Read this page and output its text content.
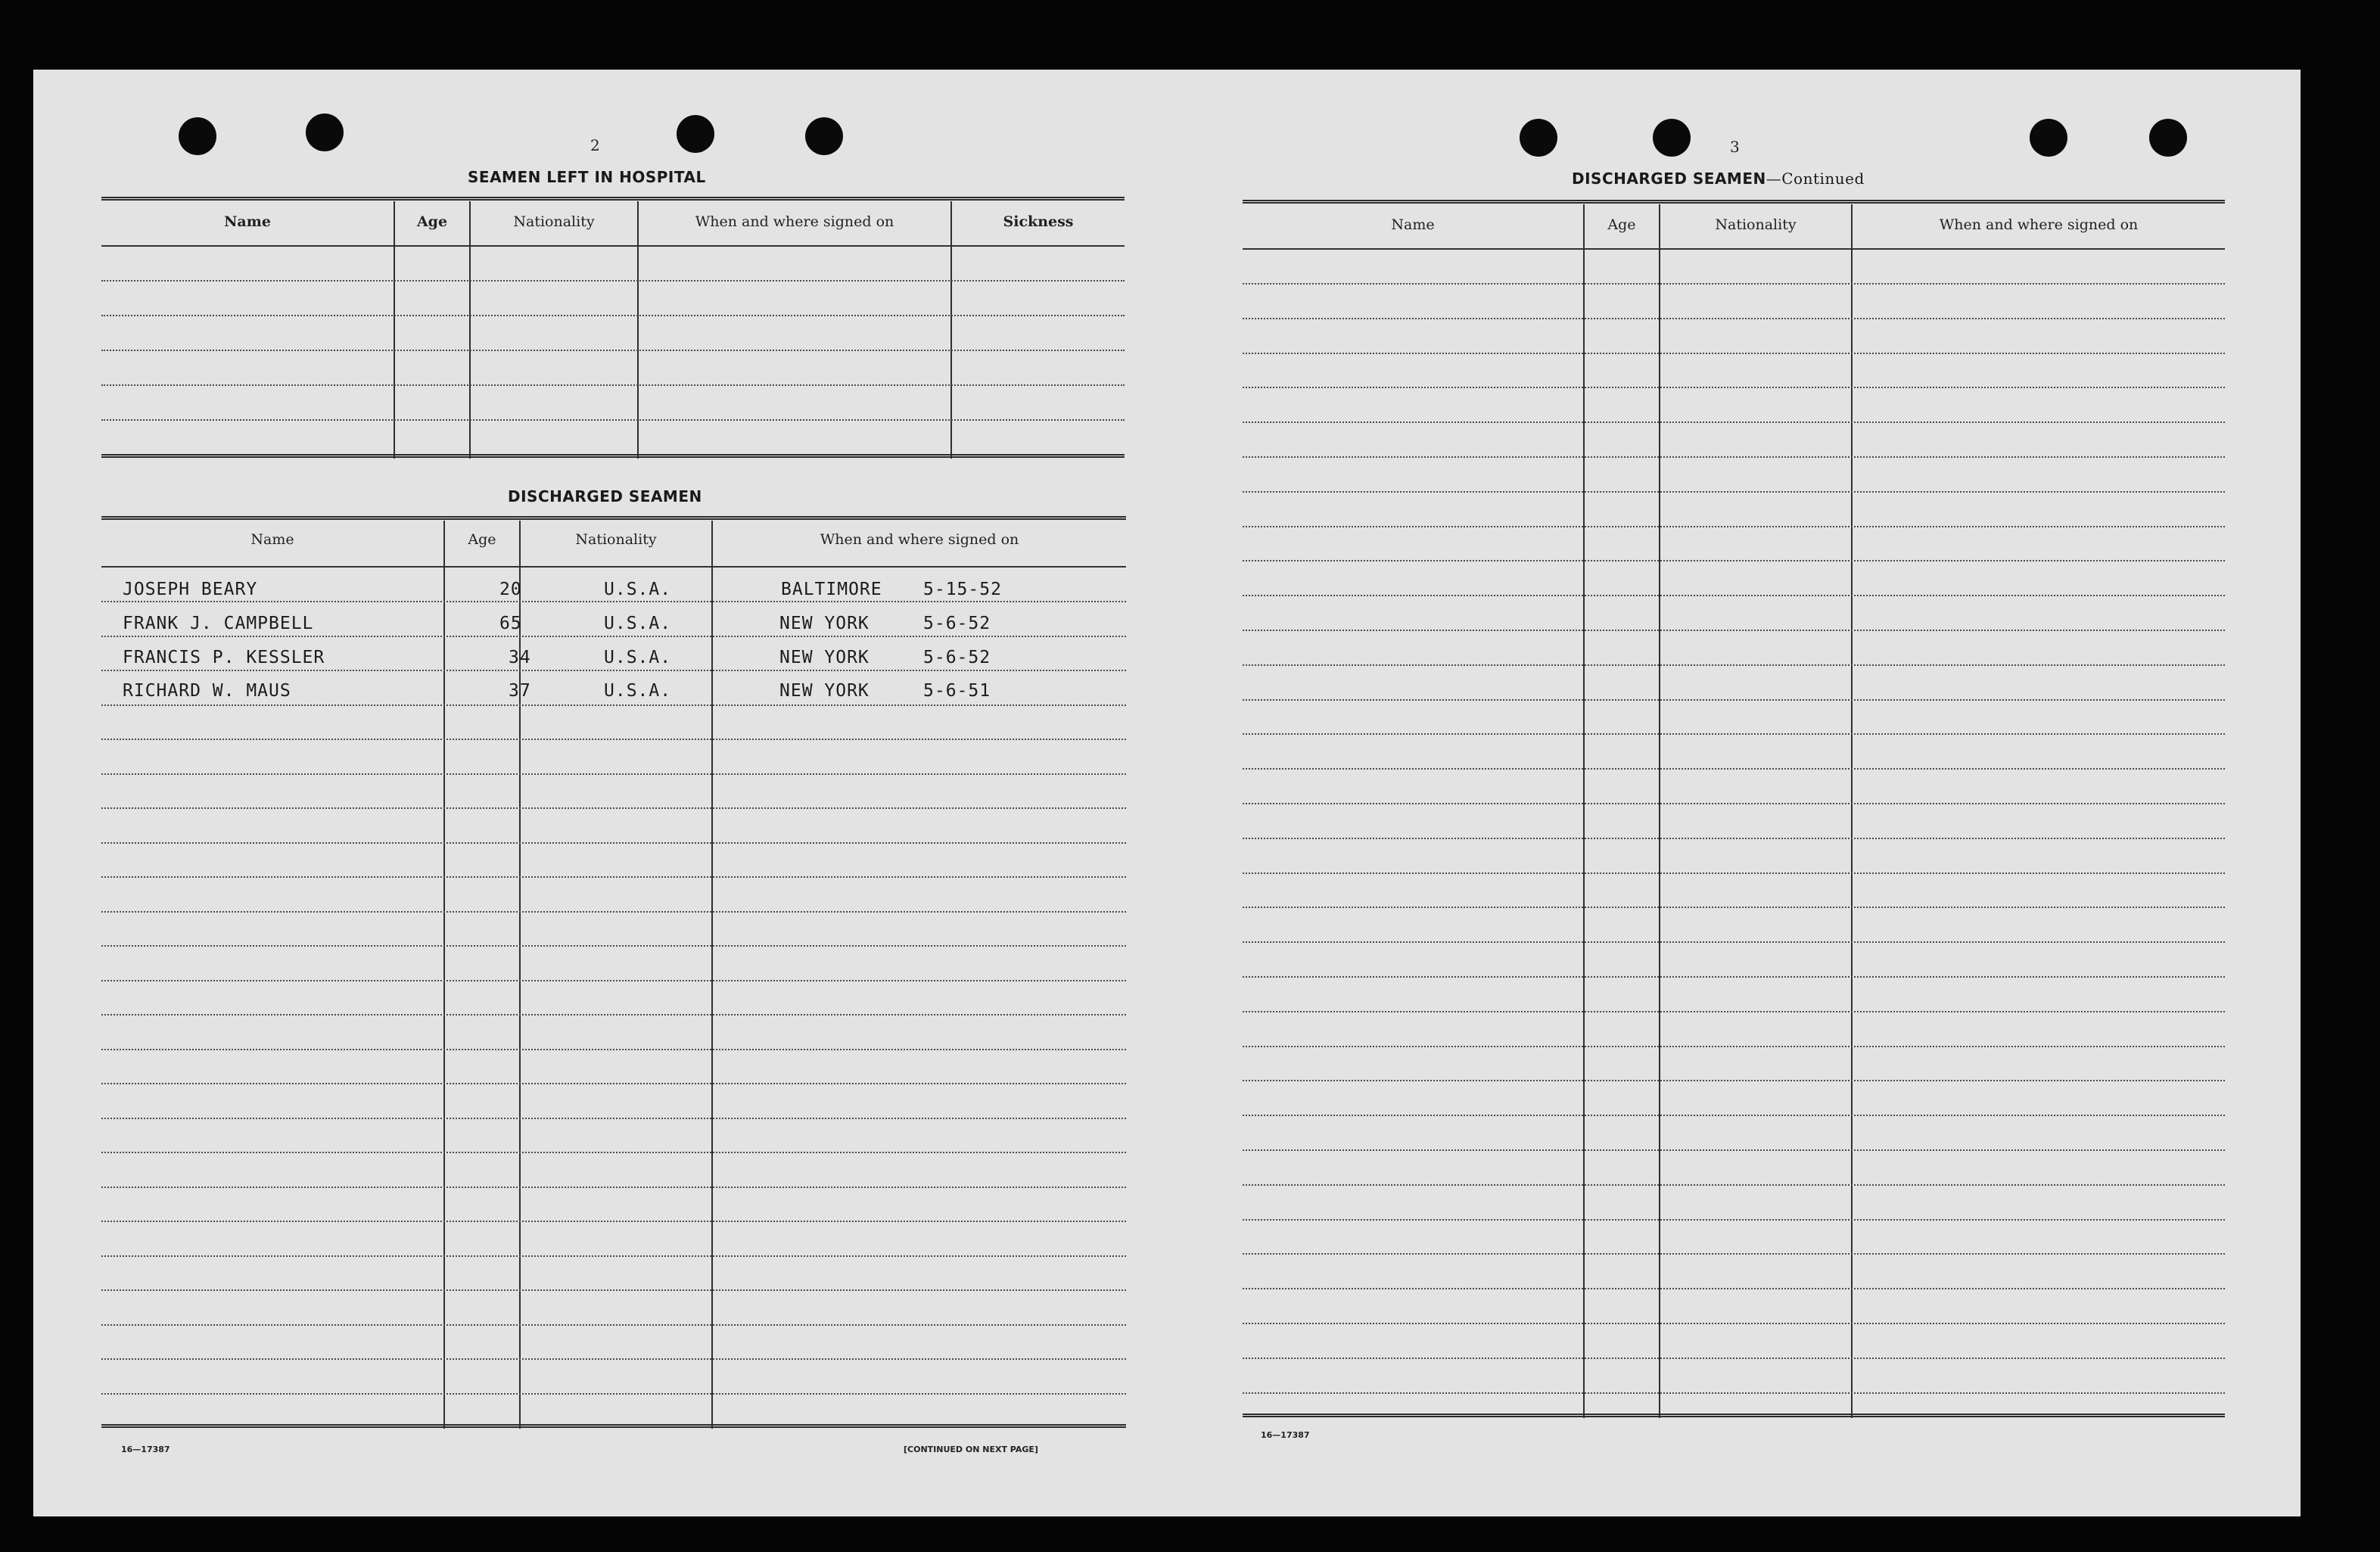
2
SEAMEN LEFT IN HOSPITAL
Name	Age	Nationality	When and where signed on	Sickness
DISCHARGED SEAMEN
Name	Age	Nationality	When and where signed on
JOSEPH BEARY	20	U.S.A.	BALTIMORE 5-15-52
FRANK J. CAMPBELL	65	U.S.A.	NEW YORK	5-6-52
FRANCIS P. KESSLER	34	U.S.A.	NEW YORK	5-6-52
RICHARD W. MAUS	37	U.S.A.	NEW YORK	5-6-51
16—17387	[CONTINUED ON NEXT PAGE]
3
DISCHARGED SEAMEN—Continued
Name	Age	Nationality	When and where signed on
16—17387
